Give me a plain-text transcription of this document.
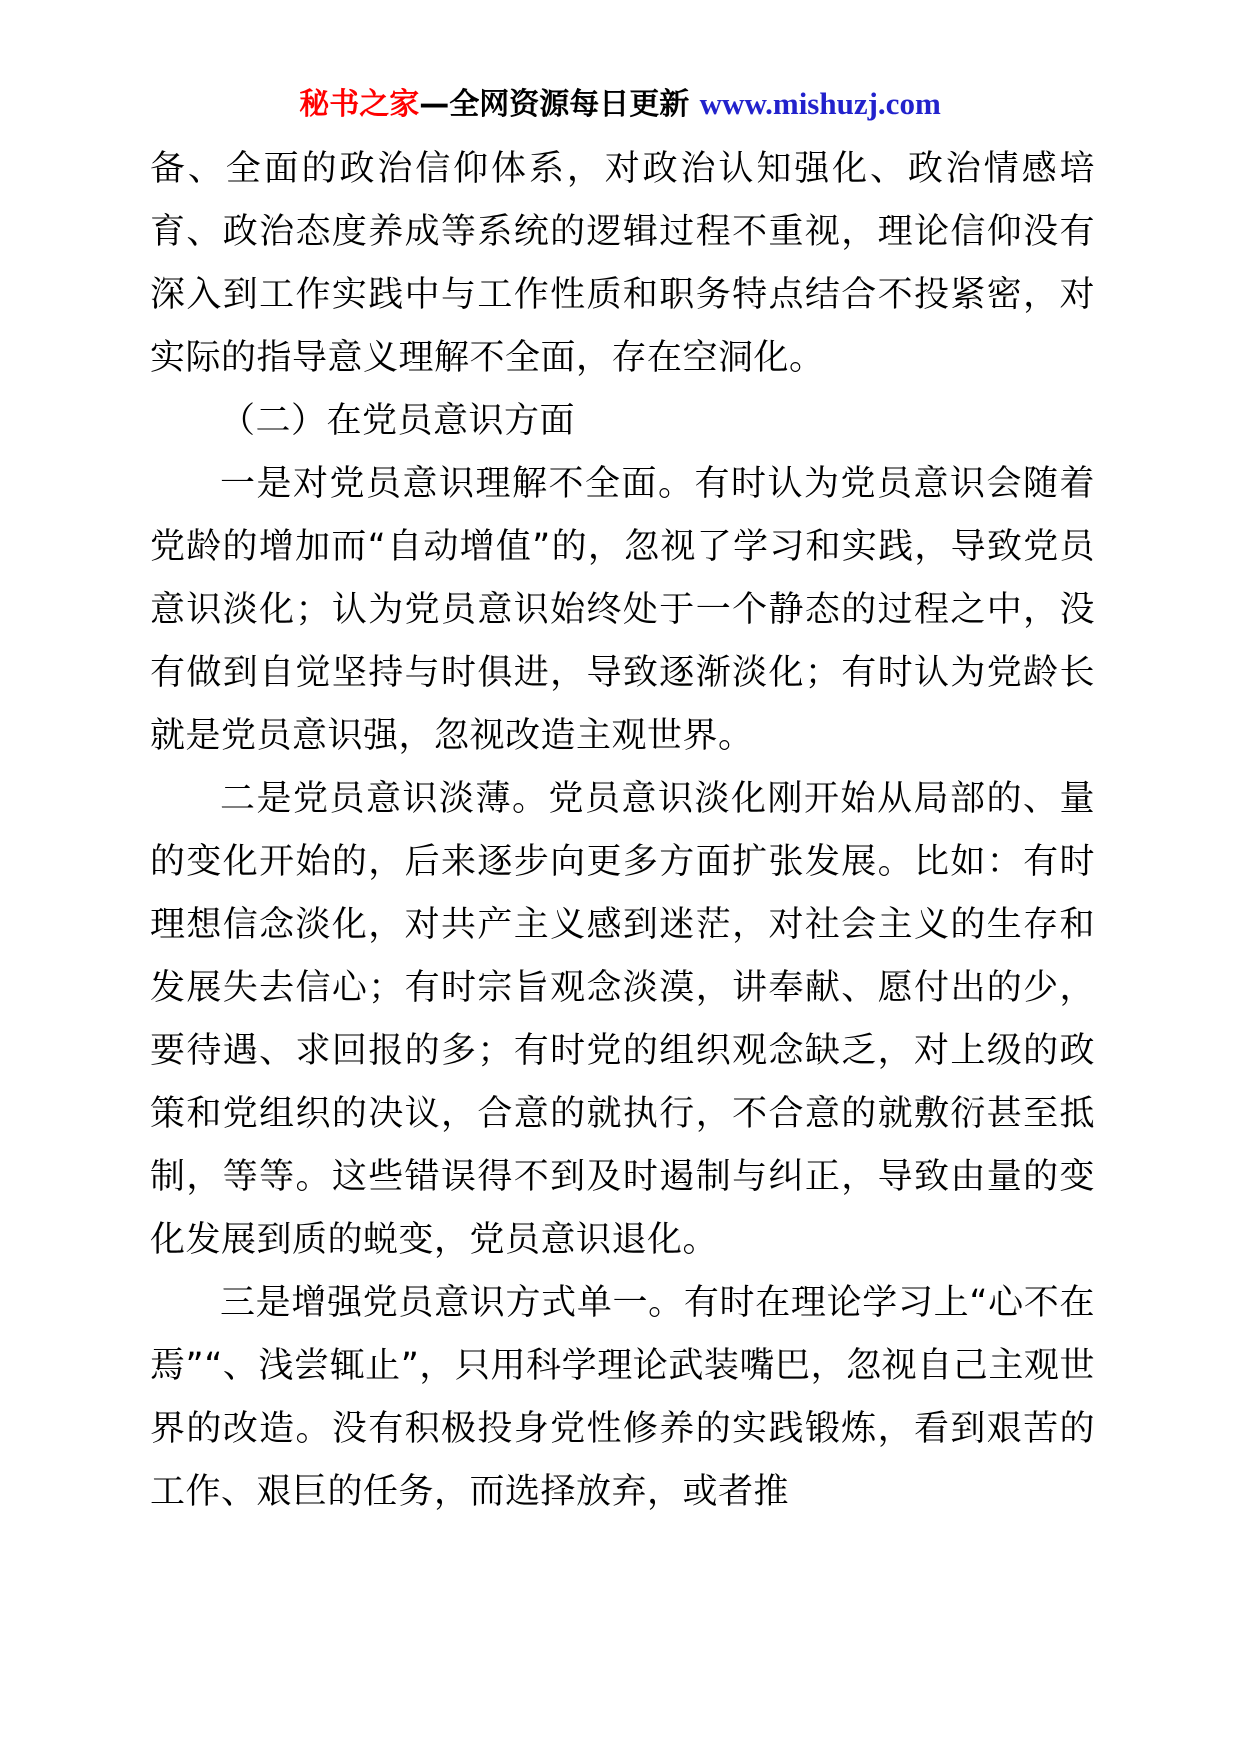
秘书之家—全网资源每日更新 www.mishuzj.com

备、全面的政治信仰体系，对政治认知强化、政治情感培育、政治态度养成等系统的逻辑过程不重视，理论信仰没有深入到工作实践中与工作性质和职务特点结合不投紧密，对实际的指导意义理解不全面，存在空洞化。

（二）在党员意识方面

一是对党员意识理解不全面。有时认为党员意识会随着党龄的增加而“自动增值”的，忽视了学习和实践，导致党员意识淡化；认为党员意识始终处于一个静态的过程之中，没有做到自觉坚持与时俱进，导致逐渐淡化；有时认为党龄长就是党员意识强，忽视改造主观世界。

二是党员意识淡薄。党员意识淡化刚开始从局部的、量的变化开始的，后来逐步向更多方面扩张发展。比如：有时理想信念淡化，对共产主义感到迷茫，对社会主义的生存和发展失去信心；有时宗旨观念淡漠，讲奉献、愿付出的少，要待遇、求回报的多；有时党的组织观念缺乏，对上级的政策和党组织的决议，合意的就执行，不合意的就敷衍甚至抵制，等等。这些错误得不到及时遏制与纠正，导致由量的变化发展到质的蜕变，党员意识退化。

三是增强党员意识方式单一。有时在理论学习上“心不在焉”“、浅尝辄止”，只用科学理论武装嘴巴，忽视自己主观世界的改造。没有积极投身党性修养的实践锻炼，看到艰苦的工作、艰巨的任务，而选择放弃，或者推
